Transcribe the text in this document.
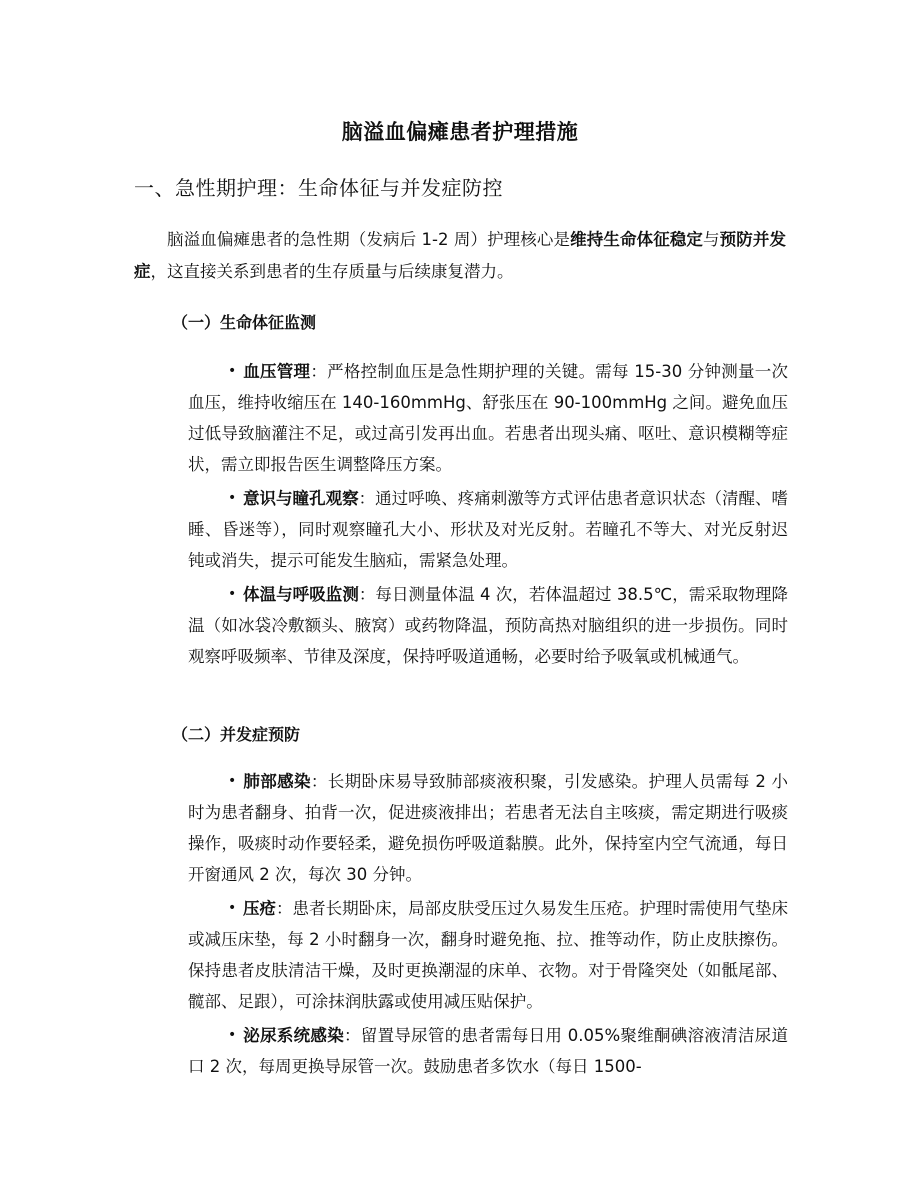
脑溢血偏瘫患者护理措施
一、急性期护理：生命体征与并发症防控
脑溢血偏瘫患者的急性期（发病后 1-2 周）护理核心是维持生命体征稳定与预防并发症，这直接关系到患者的生存质量与后续康复潜力。
（一）生命体征监测
• 血压管理：严格控制血压是急性期护理的关键。需每 15-30 分钟测量一次血压，维持收缩压在 140-160mmHg、舒张压在 90-100mmHg 之间。避免血压过低导致脑灌注不足，或过高引发再出血。若患者出现头痛、呕吐、意识模糊等症状，需立即报告医生调整降压方案。
• 意识与瞳孔观察：通过呼唤、疼痛刺激等方式评估患者意识状态（清醒、嗜睡、昏迷等），同时观察瞳孔大小、形状及对光反射。若瞳孔不等大、对光反射迟钝或消失，提示可能发生脑疝，需紧急处理。
• 体温与呼吸监测：每日测量体温 4 次，若体温超过 38.5℃，需采取物理降温（如冰袋冷敷额头、腋窝）或药物降温，预防高热对脑组织的进一步损伤。同时观察呼吸频率、节律及深度，保持呼吸道通畅，必要时给予吸氧或机械通气。
（二）并发症预防
• 肺部感染：长期卧床易导致肺部痰液积聚，引发感染。护理人员需每 2 小时为患者翻身、拍背一次，促进痰液排出；若患者无法自主咳痰，需定期进行吸痰操作，吸痰时动作要轻柔，避免损伤呼吸道黏膜。此外，保持室内空气流通，每日开窗通风 2 次，每次 30 分钟。
• 压疮：患者长期卧床，局部皮肤受压过久易发生压疮。护理时需使用气垫床或减压床垫，每 2 小时翻身一次，翻身时避免拖、拉、推等动作，防止皮肤擦伤。保持患者皮肤清洁干燥，及时更换潮湿的床单、衣物。对于骨隆突处（如骶尾部、髋部、足跟），可涂抹润肤露或使用减压贴保护。
• 泌尿系统感染：留置导尿管的患者需每日用 0.05%聚维酮碘溶液清洁尿道口 2 次，每周更换导尿管一次。鼓励患者多饮水（每日 1500-
